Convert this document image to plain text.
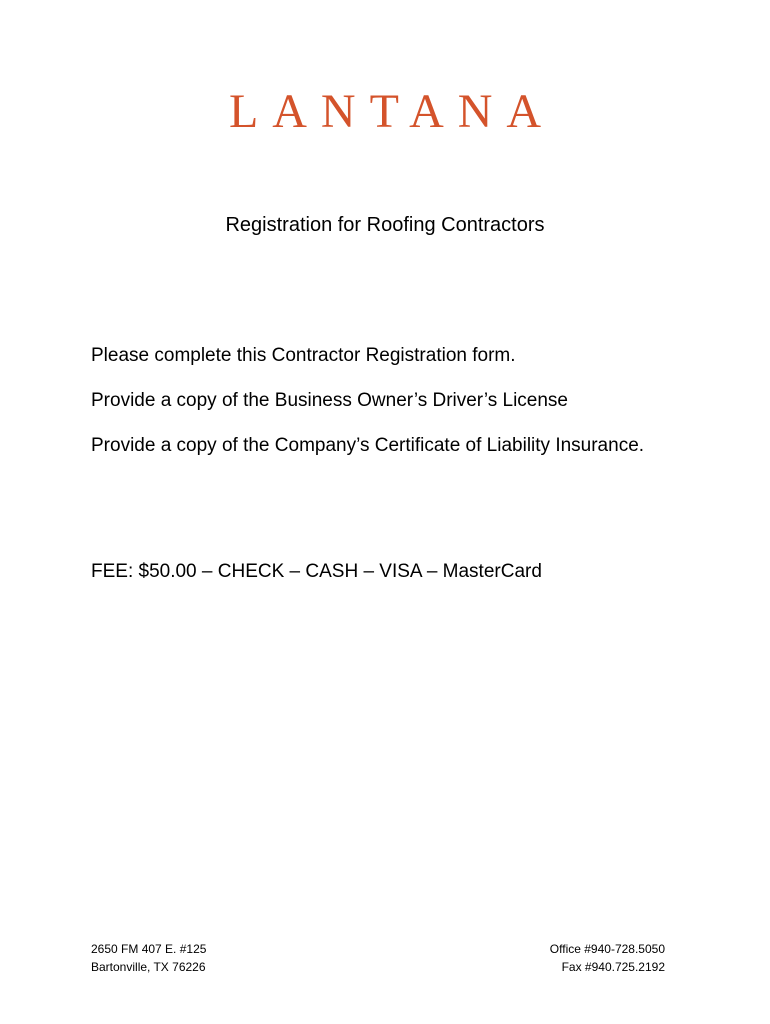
LANTANA
Registration for Roofing Contractors
Please complete this Contractor Registration form.
Provide a copy of the Business Owner’s Driver’s License
Provide a copy of the Company’s Certificate of Liability Insurance.
FEE: $50.00 – CHECK – CASH – VISA – MasterCard
2650 FM 407 E. #125
Bartonville, TX 76226
Office #940-728.5050
Fax #940.725.2192
